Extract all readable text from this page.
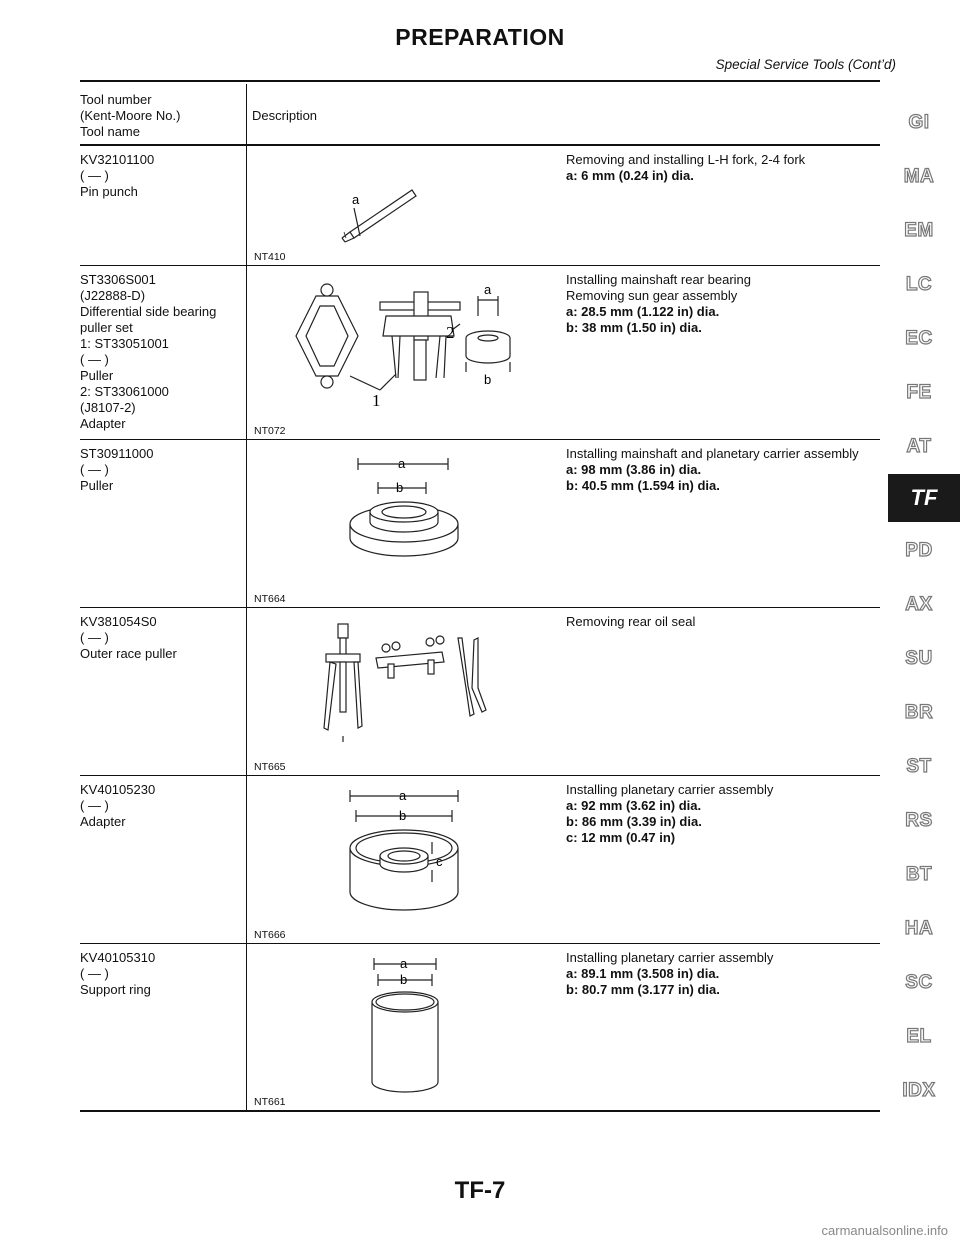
PREPARATION
Special Service Tools (Cont’d)
Tool number
(Kent-Moore No.)
Tool name
Description
KV32101100
( — )
Pin punch
a
NT410
Removing and installing L-H fork, 2-4 fork
a: 6 mm (0.24 in) dia.
ST3306S001
(J22888-D)
Differential side bearing
puller set
1: ST33051001
( — )
Puller
2: ST33061000
(J8107-2)
Adapter
a
b
1
2
NT072
Installing mainshaft rear bearing
Removing sun gear assembly
a: 28.5 mm (1.122 in) dia.
b: 38 mm (1.50 in) dia.
ST30911000
( — )
Puller
a
b
NT664
Installing mainshaft and planetary carrier assembly
a: 98 mm (3.86 in) dia.
b: 40.5 mm (1.594 in) dia.
KV381054S0
( — )
Outer race puller
NT665
Removing rear oil seal
KV40105230
( — )
Adapter
a
b
c
NT666
Installing planetary carrier assembly
a: 92 mm (3.62 in) dia.
b: 86 mm (3.39 in) dia.
c: 12 mm (0.47 in)
KV40105310
( — )
Support ring
a
b
NT661
Installing planetary carrier assembly
a: 89.1 mm (3.508 in) dia.
b: 80.7 mm (3.177 in) dia.
GI
MA
EM
LC
EC
FE
AT
TF
PD
AX
SU
BR
ST
RS
BT
HA
SC
EL
IDX
TF-7
carmanualsonline.info
